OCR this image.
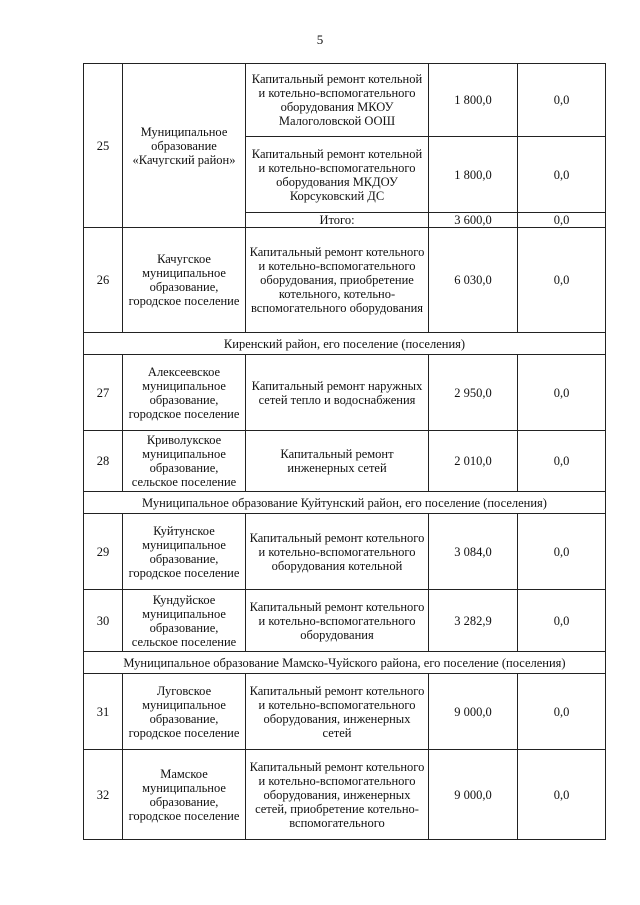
5
25	Муниципальное образование «Качугский район»	Капитальный ремонт котельной и котельно-вспомогательного оборудования МКОУ Малоголовской ООШ	1 800,0	0,0
		Капитальный ремонт котельной и котельно-вспомогательного оборудования МКДОУ Корсуковский ДС	1 800,0	0,0
		Итого:	3 600,0	0,0
26	Качугское муниципальное образование, городское поселение	Капитальный ремонт котельного и котельно-вспомогательного оборудования, приобретение котельного, котельно-вспомогательного оборудования	6 030,0	0,0
Киренский район, его поселение (поселения)				
27	Алексеевское муниципальное образование, городское поселение	Капитальный ремонт наружных сетей тепло и водоснабжения	2 950,0	0,0
28	Криволукское муниципальное образование, сельское поселение	Капитальный ремонт инженерных сетей	2 010,0	0,0
Муниципальное образование Куйтунский район, его поселение (поселения)				
29	Куйтунское муниципальное образование, городское поселение	Капитальный ремонт котельного и котельно-вспомогательного оборудования котельной	3 084,0	0,0
30	Кундуйское муниципальное образование, сельское поселение	Капитальный ремонт котельного и котельно-вспомогательного оборудования	3 282,9	0,0
Муниципальное образование Мамско-Чуйского района, его поселение (поселения)				
31	Луговское муниципальное образование, городское поселение	Капитальный ремонт котельного и котельно-вспомогательного оборудования, инженерных сетей	9 000,0	0,0
32	Мамское муниципальное образование, городское поселение	Капитальный ремонт котельного и котельно-вспомогательного оборудования, инженерных сетей, приобретение котельно-вспомогательного	9 000,0	0,0
